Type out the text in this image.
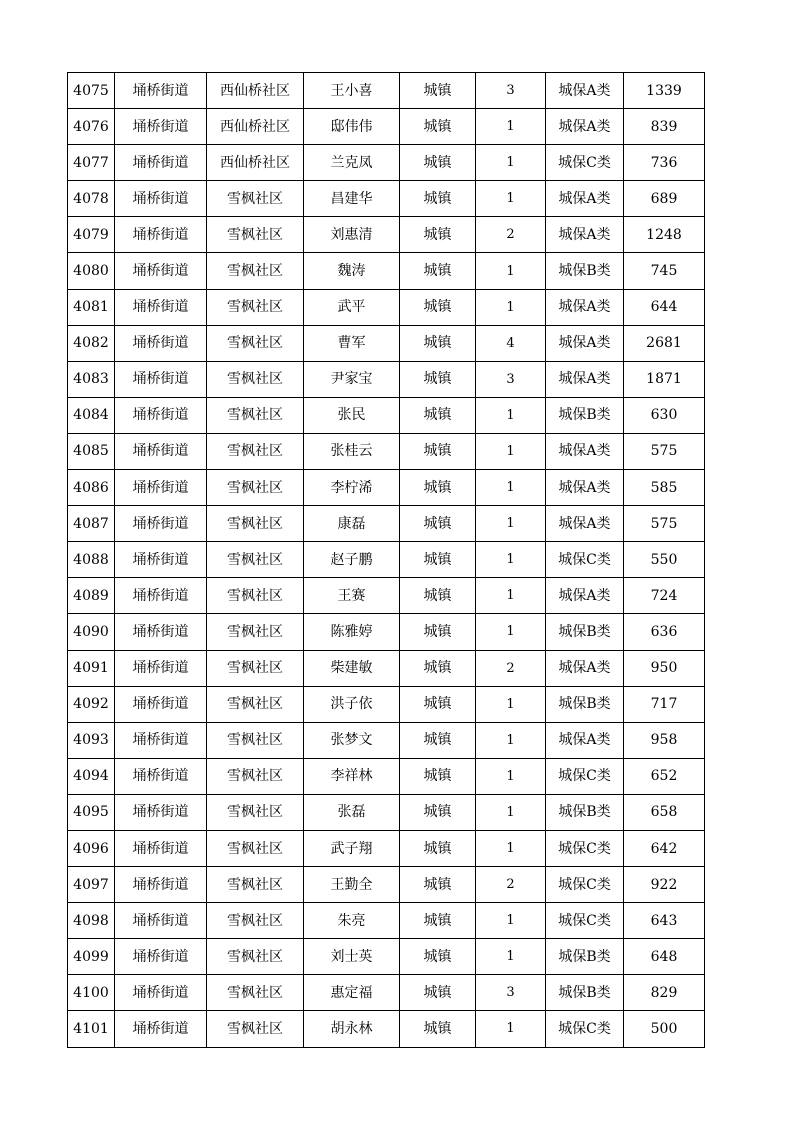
4075	埇桥街道	西仙桥社区	王小喜	城镇	3	城保A类	1339
4076	埇桥街道	西仙桥社区	邸伟伟	城镇	1	城保A类	839
4077	埇桥街道	西仙桥社区	兰克凤	城镇	1	城保C类	736
4078	埇桥街道	雪枫社区	昌建华	城镇	1	城保A类	689
4079	埇桥街道	雪枫社区	刘惠清	城镇	2	城保A类	1248
4080	埇桥街道	雪枫社区	魏涛	城镇	1	城保B类	745
4081	埇桥街道	雪枫社区	武平	城镇	1	城保A类	644
4082	埇桥街道	雪枫社区	曹军	城镇	4	城保A类	2681
4083	埇桥街道	雪枫社区	尹家宝	城镇	3	城保A类	1871
4084	埇桥街道	雪枫社区	张民	城镇	1	城保B类	630
4085	埇桥街道	雪枫社区	张桂云	城镇	1	城保A类	575
4086	埇桥街道	雪枫社区	李柠浠	城镇	1	城保A类	585
4087	埇桥街道	雪枫社区	康磊	城镇	1	城保A类	575
4088	埇桥街道	雪枫社区	赵子鹏	城镇	1	城保C类	550
4089	埇桥街道	雪枫社区	王赛	城镇	1	城保A类	724
4090	埇桥街道	雪枫社区	陈雅婷	城镇	1	城保B类	636
4091	埇桥街道	雪枫社区	柴建敏	城镇	2	城保A类	950
4092	埇桥街道	雪枫社区	洪子依	城镇	1	城保B类	717
4093	埇桥街道	雪枫社区	张梦文	城镇	1	城保A类	958
4094	埇桥街道	雪枫社区	李祥林	城镇	1	城保C类	652
4095	埇桥街道	雪枫社区	张磊	城镇	1	城保B类	658
4096	埇桥街道	雪枫社区	武子翔	城镇	1	城保C类	642
4097	埇桥街道	雪枫社区	王勤全	城镇	2	城保C类	922
4098	埇桥街道	雪枫社区	朱亮	城镇	1	城保C类	643
4099	埇桥街道	雪枫社区	刘士英	城镇	1	城保B类	648
4100	埇桥街道	雪枫社区	惠定福	城镇	3	城保B类	829
4101	埇桥街道	雪枫社区	胡永林	城镇	1	城保C类	500
